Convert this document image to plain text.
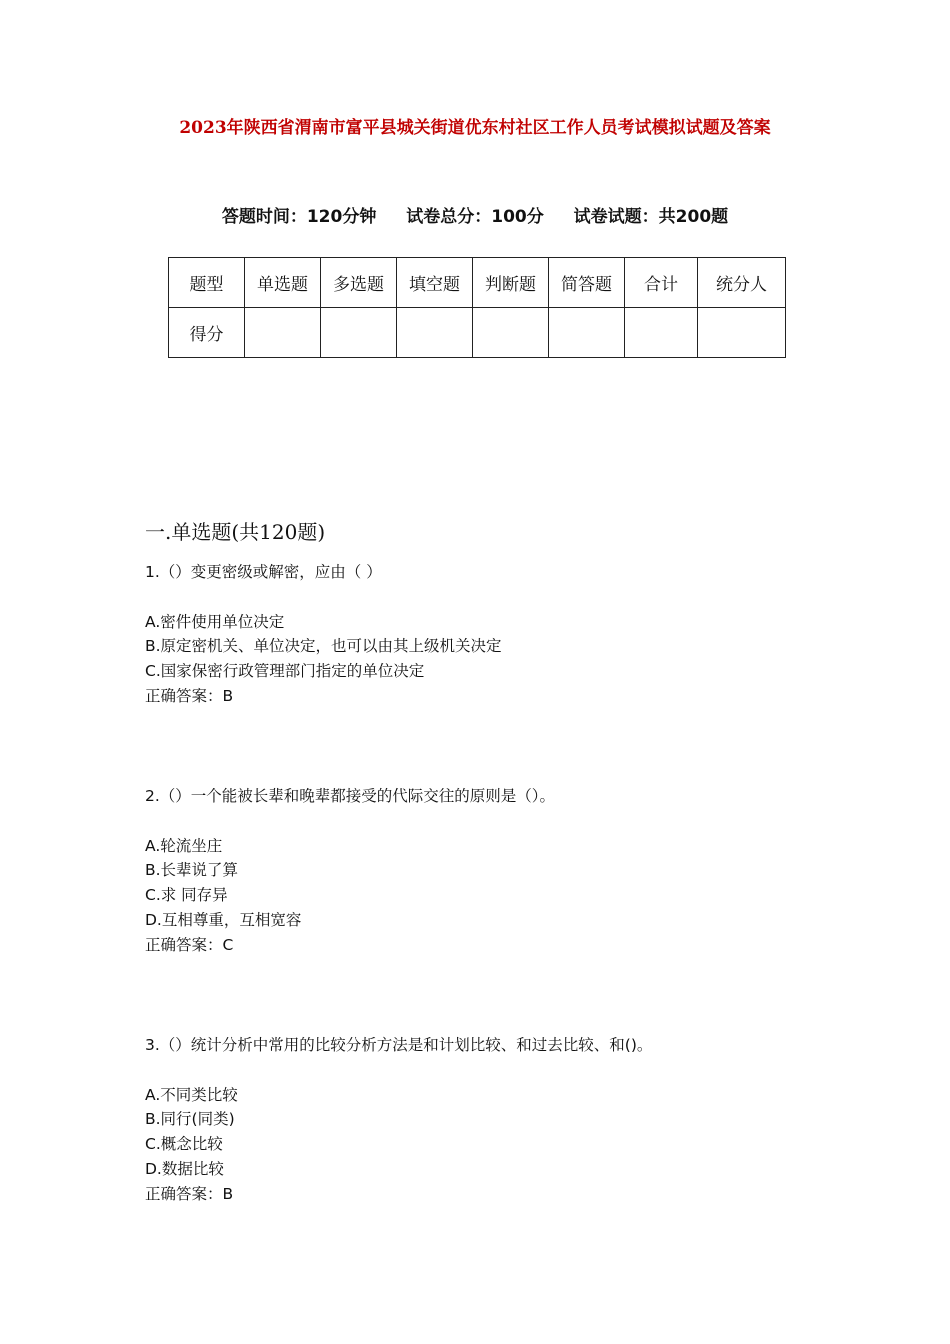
2023年陕西省渭南市富平县城关街道优东村社区工作人员考试模拟试题及答案
答题时间：120分钟 试卷总分：100分 试卷试题：共200题
题型	单选题	多选题	填空题	判断题	简答题	合计	统分人
得分							
一.单选题(共120题)
1.（）变更密级或解密，应由（ ）
A.密件使用单位决定
B.原定密机关、单位决定，也可以由其上级机关决定
C.国家保密行政管理部门指定的单位决定
正确答案：B
2.（）一个能被长辈和晚辈都接受的代际交往的原则是（）。
A.轮流坐庄
B.长辈说了算
C.求 同存异
D.互相尊重，互相宽容
正确答案：C
3.（）统计分析中常用的比较分析方法是和计划比较、和过去比较、和()。
A.不同类比较
B.同行(同类)
C.概念比较
D.数据比较
正确答案：B
